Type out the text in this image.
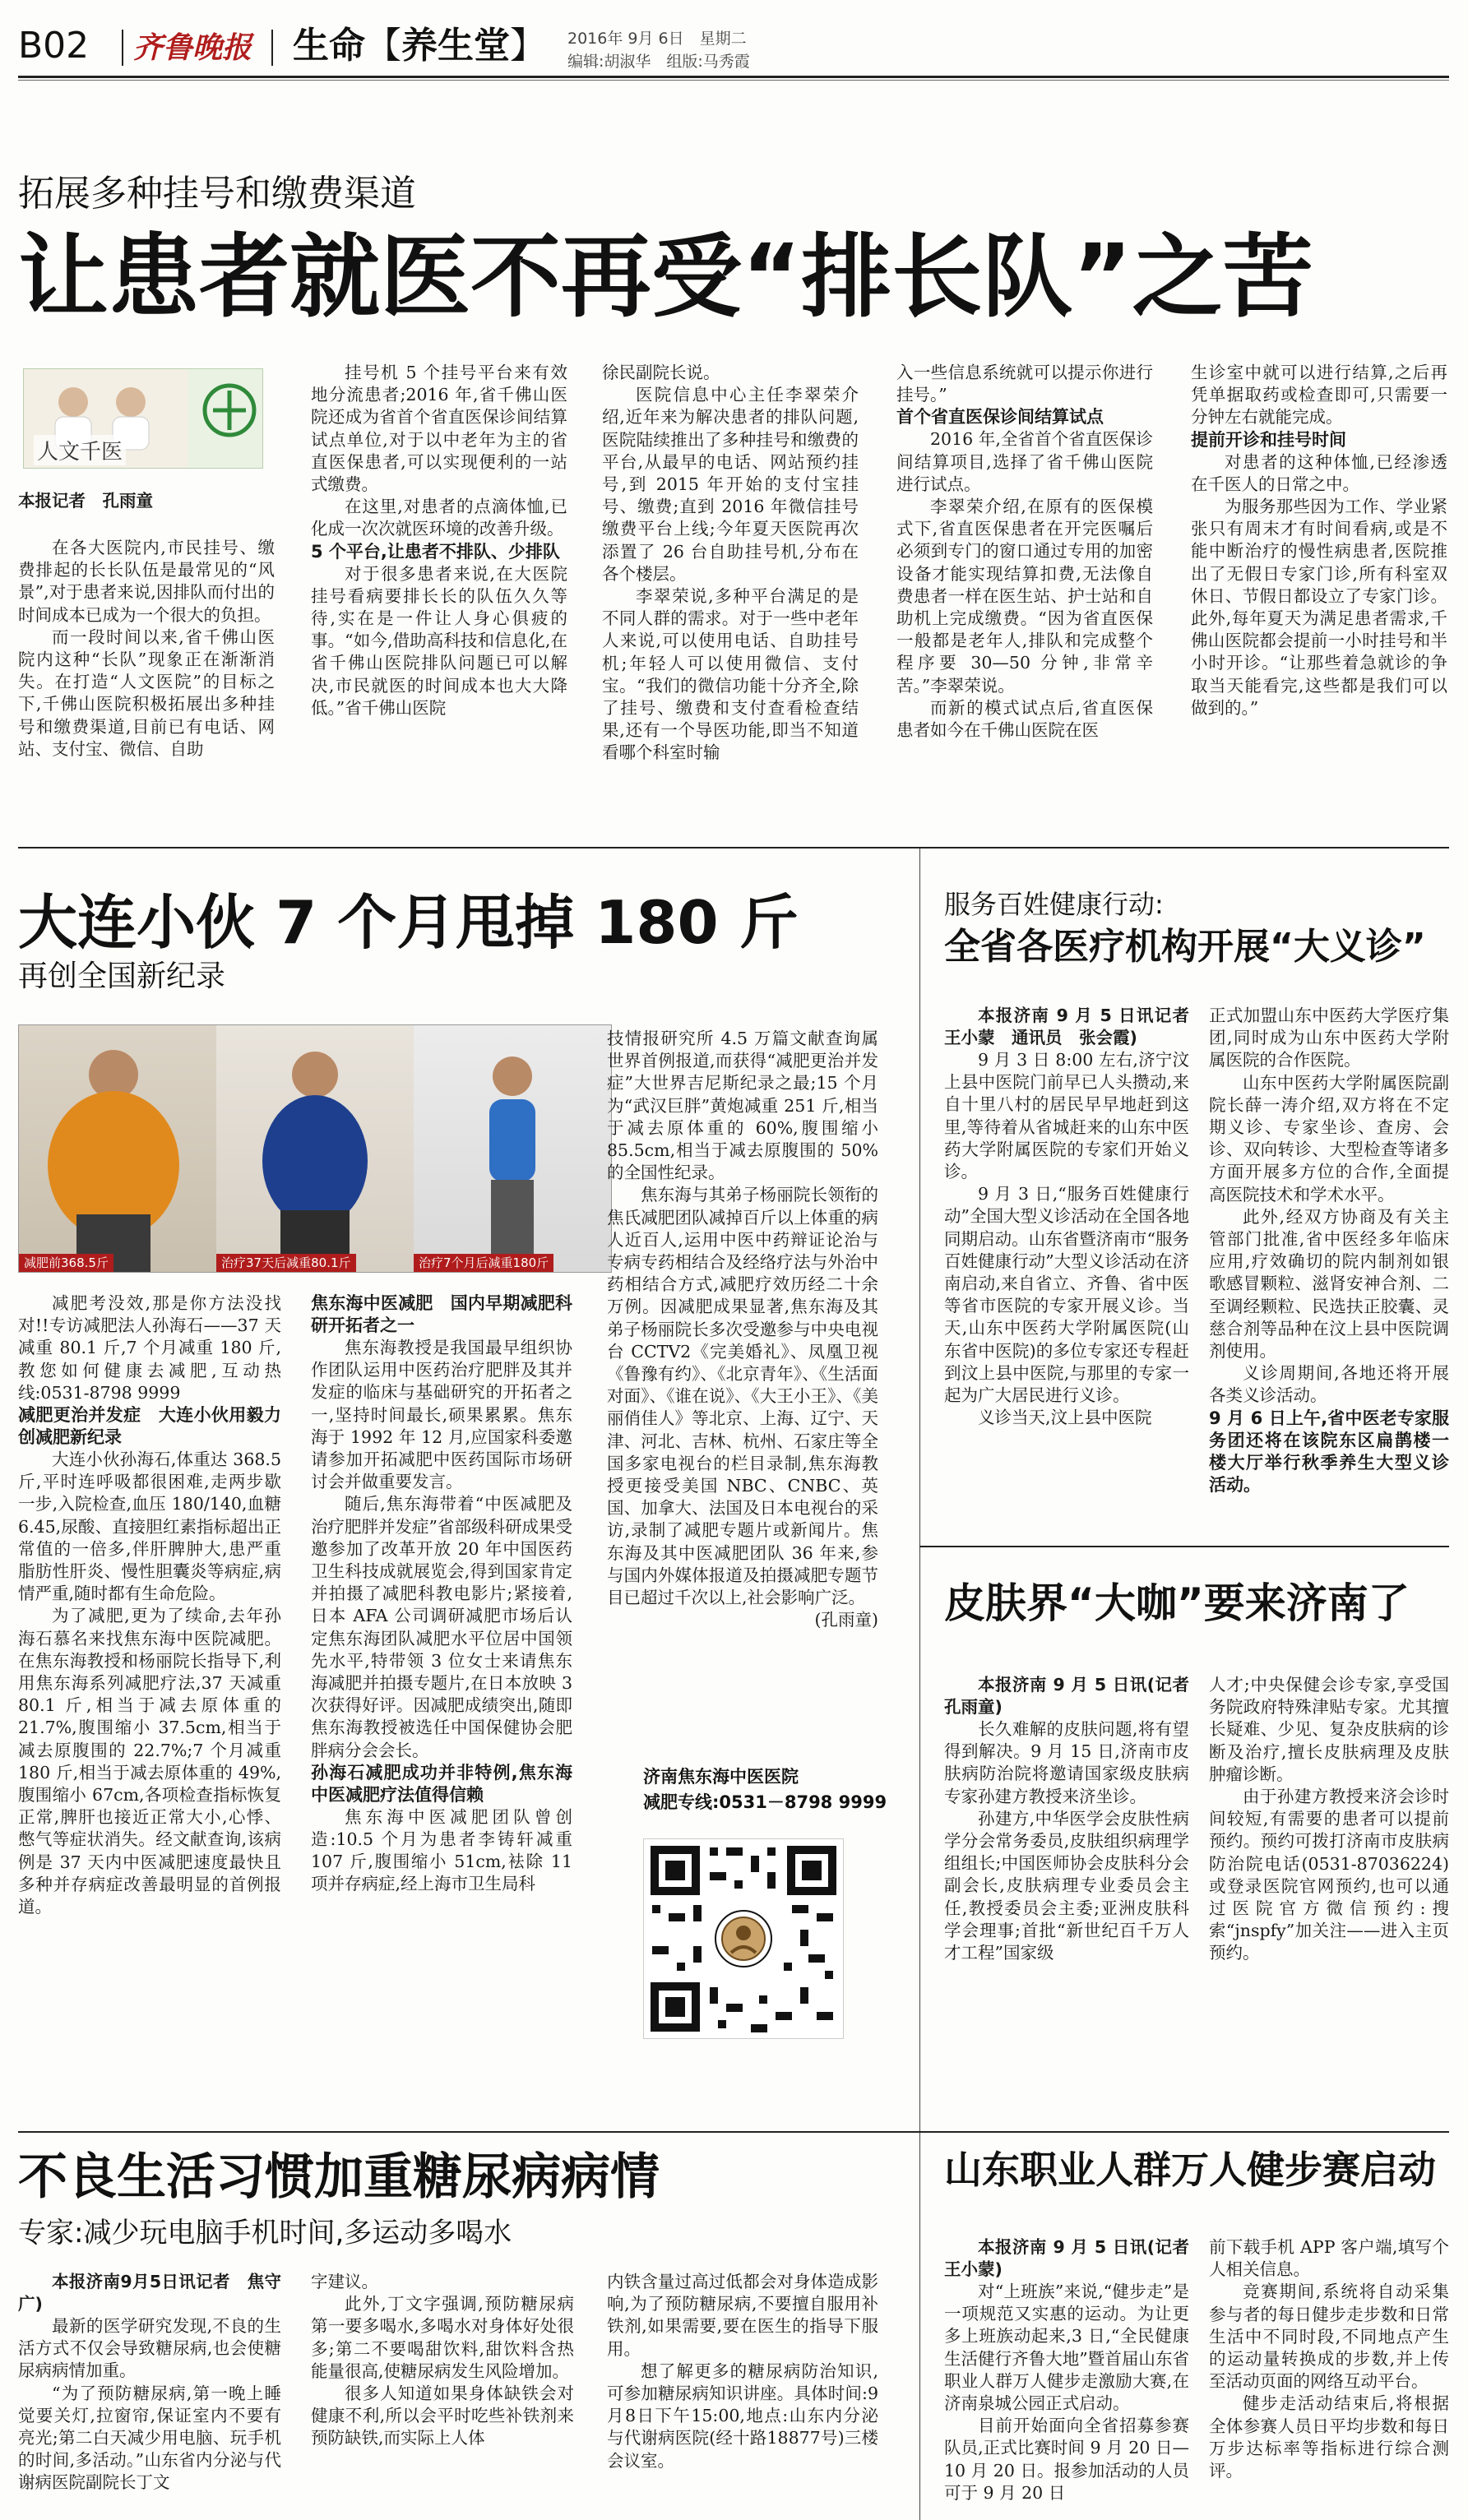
B02 齐鲁晚报 生命【养生堂】 2016年 9月 6日　星期二
编辑:胡淑华　组版:马秀霞
拓展多种挂号和缴费渠道
让患者就医不再受“排长队”之苦
人文千医

本报记者　孔雨童

在各大医院内,市民挂号、缴费排起的长长队伍是最常见的“风景”,对于患者来说,因排队而付出的时间成本已成为一个很大的负担。

而一段时间以来,省千佛山医院内这种“长队”现象正在渐渐消失。在打造“人文医院”的目标之下,千佛山医院积极拓展出多种挂号和缴费渠道,目前已有电话、网站、支付宝、微信、自助

挂号机 5 个挂号平台来有效地分流患者;2016 年,省千佛山医院还成为省首个省直医保诊间结算试点单位,对于以中老年为主的省直医保患者,可以实现便利的一站式缴费。

在这里,对患者的点滴体恤,已化成一次次就医环境的改善升级。

5 个平台,让患者不排队、少排队

对于很多患者来说,在大医院挂号看病要排长长的队伍久久等待,实在是一件让人身心俱疲的事。“如今,借助高科技和信息化,在省千佛山医院排队问题已可以解决,市民就医的时间成本也大大降低。”省千佛山医院

徐民副院长说。

医院信息中心主任李翠荣介绍,近年来为解决患者的排队问题,医院陆续推出了多种挂号和缴费的平台,从最早的电话、网站预约挂号,到 2015 年开始的支付宝挂号、缴费;直到 2016 年微信挂号缴费平台上线;今年夏天医院再次添置了 26 台自助挂号机,分布在各个楼层。

李翠荣说,多种平台满足的是不同人群的需求。对于一些中老年人来说,可以使用电话、自助挂号机;年轻人可以使用微信、支付宝。“我们的微信功能十分齐全,除了挂号、缴费和支付查看检查结果,还有一个导医功能,即当不知道看哪个科室时输

入一些信息系统就可以提示你进行挂号。”

首个省直医保诊间结算试点

2016 年,全省首个省直医保诊间结算项目,选择了省千佛山医院进行试点。

李翠荣介绍,在原有的医保模式下,省直医保患者在开完医嘱后必须到专门的窗口通过专用的加密设备才能实现结算扣费,无法像自费患者一样在医生站、护士站和自助机上完成缴费。“因为省直医保一般都是老年人,排队和完成整个程序要 30—50 分钟,非常辛苦。”李翠荣说。

而新的模式试点后,省直医保患者如今在千佛山医院在医

生诊室中就可以进行结算,之后再凭单据取药或检查即可,只需要一分钟左右就能完成。

提前开诊和挂号时间

对患者的这种体恤,已经渗透在千医人的日常之中。

为服务那些因为工作、学业紧张只有周末才有时间看病,或是不能中断治疗的慢性病患者,医院推出了无假日专家门诊,所有科室双休日、节假日都设立了专家门诊。此外,每年夏天为满足患者需求,千佛山医院都会提前一小时挂号和半小时开诊。“让那些着急就诊的争取当天能看完,这些都是我们可以做到的。”

大连小伙 7 个月甩掉 180 斤
再创全国新纪录
减肥前368.5斤	治疗37天后减重80.1斤	治疗7个月后减重180斤

减肥考没效,那是你方法没找对!!专访减肥法人孙海石——37 天减重 80.1 斤,7 个月减重 180 斤,教您如何健康去减肥,互动热线:0531-8798 9999

减肥更治并发症　大连小伙用毅力创减肥新纪录

大连小伙孙海石,体重达 368.5 斤,平时连呼吸都很困难,走两步歇一步,入院检查,血压 180/140,血糖 6.45,尿酸、直接胆红素指标超出正常值的一倍多,伴肝脾肿大,患严重脂肪性肝炎、慢性胆囊炎等病症,病情严重,随时都有生命危险。

为了减肥,更为了续命,去年孙海石慕名来找焦东海中医院减肥。在焦东海教授和杨丽院长指导下,利用焦东海系列减肥疗法,37 天减重 80.1 斤,相当于减去原体重的 21.7%,腹围缩小 37.5cm,相当于减去原腹围的 22.7%;7 个月减重 180 斤,相当于减去原体重的 49%,腹围缩小 67cm,各项检查指标恢复正常,脾肝也接近正常大小,心悸、憋气等症状消失。经文献查询,该病例是 37 天内中医减肥速度最快且多种并存病症改善最明显的首例报道。

焦东海中医减肥　国内早期减肥科研开拓者之一

焦东海教授是我国最早组织协作团队运用中医药治疗肥胖及其并发症的临床与基础研究的开拓者之一,坚持时间最长,硕果累累。焦东海于 1992 年 12 月,应国家科委邀请参加开拓减肥中医药国际市场研讨会并做重要发言。

随后,焦东海带着“中医减肥及治疗肥胖并发症”省部级科研成果受邀参加了改革开放 20 年中国医药卫生科技成就展览会,得到国家肯定并拍摄了减肥科教电影片;紧接着,日本 AFA 公司调研减肥市场后认定焦东海团队减肥水平位居中国领先水平,特带领 3 位女士来请焦东海减肥并拍摄专题片,在日本放映 3 次获得好评。因减肥成绩突出,随即焦东海教授被选任中国保健协会肥胖病分会会长。

孙海石减肥成功并非特例,焦东海中医减肥疗法值得信赖

焦东海中医减肥团队曾创造:10.5 个月为患者李铸轩减重 107 斤,腹围缩小 51cm,袪除 11 项并存病症,经上海市卫生局科

技情报研究所 4.5 万篇文献查询属世界首例报道,而获得“减肥更治并发症”大世界吉尼斯纪录之最;15 个月为“武汉巨胖”黄炮减重 251 斤,相当于减去原体重的 60%,腹围缩小 85.5cm,相当于减去原腹围的 50% 的全国性纪录。

焦东海与其弟子杨丽院长领衔的焦氏减肥团队减掉百斤以上体重的病人近百人,运用中医中药辩证论治与专病专药相结合及经络疗法与外治中药相结合方式,减肥疗效历经二十余万例。因减肥成果显著,焦东海及其弟子杨丽院长多次受邀参与中央电视台 CCTV2《完美婚礼》、凤凰卫视《鲁豫有约》、《北京青年》、《生活面对面》、《谁在说》、《大王小王》、《美丽俏佳人》等北京、上海、辽宁、天津、河北、吉林、杭州、石家庄等全国多家电视台的栏目录制,焦东海教授更接受美国 NBC、CNBC、英国、加拿大、法国及日本电视台的采访,录制了减肥专题片或新闻片。焦东海及其中医减肥团队 36 年来,参与国内外媒体报道及拍摄减肥专题节目已超过千次以上,社会影响广泛。

(孔雨童)

济南焦东海中医医院
减肥专线:0531－8798 9999
服务百姓健康行动:
全省各医疗机构开展“大义诊”

本报济南 9 月 5 日讯记者　王小蒙　通讯员　张会霞)

9 月 3 日 8:00 左右,济宁汶上县中医院门前早已人头攒动,来自十里八村的居民早早地赶到这里,等待着从省城赶来的山东中医药大学附属医院的专家们开始义诊。

9 月 3 日,“服务百姓健康行动”全国大型义诊活动在全国各地同期启动。山东省暨济南市“服务百姓健康行动”大型义诊活动在济南启动,来自省立、齐鲁、省中医等省市医院的专家开展义诊。当天,山东中医药大学附属医院(山东省中医院)的多位专家还专程赶到汶上县中医院,与那里的专家一起为广大居民进行义诊。

义诊当天,汶上县中医院

正式加盟山东中医药大学医疗集团,同时成为山东中医药大学附属医院的合作医院。

山东中医药大学附属医院副院长薛一涛介绍,双方将在不定期义诊、专家坐诊、查房、会诊、双向转诊、大型检查等诸多方面开展多方位的合作,全面提高医院技术和学术水平。

此外,经双方协商及有关主管部门批准,省中医经多年临床应用,疗效确切的院内制剂如银歌感冒颗粒、滋肾安神合剂、二至调经颗粒、民选扶正胶囊、灵慈合剂等品种在汶上县中医院调剂使用。

义诊周期间,各地还将开展各类义诊活动。

9 月 6 日上午,省中医老专家服务团还将在该院东区扁鹊楼一楼大厅举行秋季养生大型义诊活动。

皮肤界“大咖”要来济南了

本报济南 9 月 5 日讯(记者　孔雨童)

长久难解的皮肤问题,将有望得到解决。9 月 15 日,济南市皮肤病防治院将邀请国家级皮肤病专家孙建方教授来济坐诊。

孙建方,中华医学会皮肤性病学分会常务委员,皮肤组织病理学组组长;中国医师协会皮肤科分会副会长,皮肤病理专业委员会主任,教授委员会主委;亚洲皮肤科学会理事;首批“新世纪百千万人才工程”国家级

人才;中央保健会诊专家,享受国务院政府特殊津贴专家。尤其擅长疑难、少见、复杂皮肤病的诊断及治疗,擅长皮肤病理及皮肤肿瘤诊断。

由于孙建方教授来济会诊时间较短,有需要的患者可以提前预约。预约可拨打济南市皮肤病防治院电话(0531-87036224)或登录医院官网预约,也可以通过医院官方微信预约:搜索“jnspfy”加关注——进入主页预约。

不良生活习惯加重糖尿病病情
专家:减少玩电脑手机时间,多运动多喝水

本报济南9月5日讯记者　焦守广)

最新的医学研究发现,不良的生活方式不仅会导致糖尿病,也会使糖尿病病情加重。

“为了预防糖尿病,第一晚上睡觉要关灯,拉窗帘,保证室内不要有亮光;第二白天减少用电脑、玩手机的时间,多活动。”山东省内分泌与代谢病医院副院长丁文

字建议。

此外,丁文字强调,预防糖尿病第一要多喝水,多喝水对身体好处很多;第二不要喝甜饮料,甜饮料含热能量很高,使糖尿病发生风险增加。

很多人知道如果身体缺铁会对健康不利,所以会平时吃些补铁剂来预防缺铁,而实际上人体

内铁含量过高过低都会对身体造成影响,为了预防糖尿病,不要擅自服用补铁剂,如果需要,要在医生的指导下服用。

想了解更多的糖尿病防治知识,可参加糖尿病知识讲座。具体时间:9月8日下午15:00,地点:山东内分泌与代谢病医院(经十路18877号)三楼会议室。

山东职业人群万人健步赛启动

本报济南 9 月 5 日讯(记者　王小蒙)

对“上班族”来说,“健步走”是一项规范又实惠的运动。为让更多上班族动起来,3 日,“全民健康生活健行齐鲁大地”暨首届山东省职业人群万人健步走激励大赛,在济南泉城公园正式启动。

目前开始面向全省招募参赛队员,正式比赛时间 9 月 20 日—10 月 20 日。报参加活动的人员可于 9 月 20 日

前下载手机 APP 客户端,填写个人相关信息。

竞赛期间,系统将自动采集参与者的每日健步走步数和日常生活中不同时段,不同地点产生的运动量转换成的步数,并上传至活动页面的网络互动平台。

健步走活动结束后,将根据全体参赛人员日平均步数和每日万步达标率等指标进行综合测评。
